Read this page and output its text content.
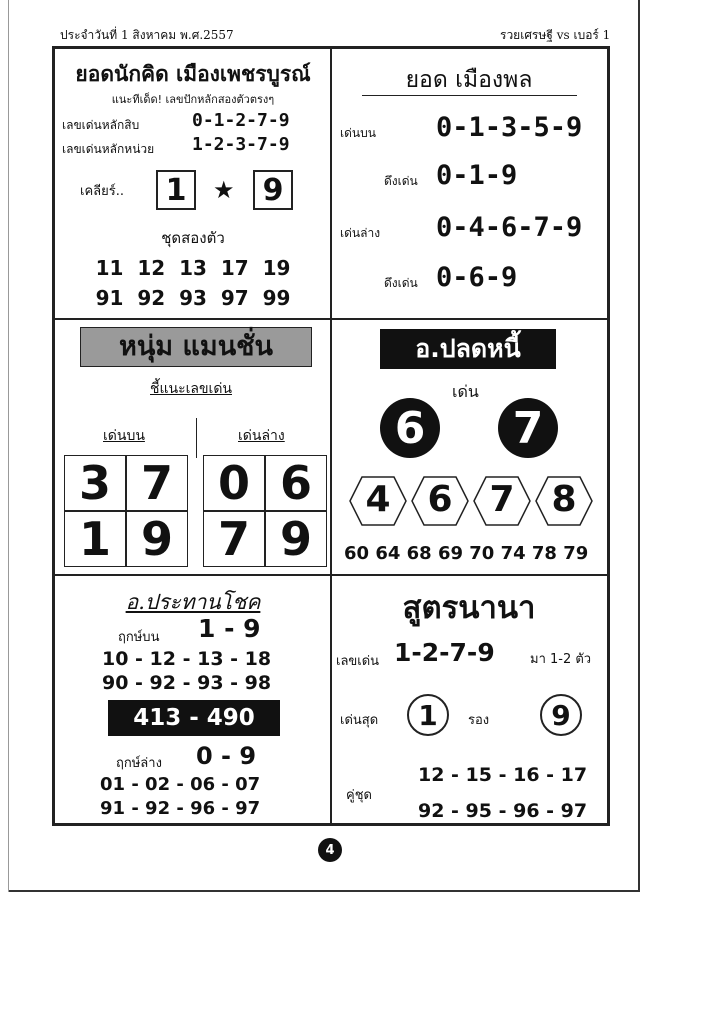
ประจำวันที่ 1 สิงหาคม พ.ศ.2557	รวยเศรษฐี vs เบอร์ 1
ยอดนักคิด เมืองเพชรบูรณ์
แนะทีเด็ด! เลขปักหลักสองตัวตรงๆ
เลขเด่นหลักสิบ	0-1-2-7-9
เลขเด่นหลักหน่วย 1-2-3-7-9
เคลียร์..	1	★ 9
ชุดสองตัว
11  12  13  17  19
91  92  93  97  99
ยอด เมืองพล
เด่นบน 0-1-3-5-9
ดึงเด่น 0-1-9
เด่นล่าง 0-4-6-7-9
ดึงเด่น 0-6-9
หนุ่ม แมนชั่น
ชี้แนะเลขเด่น
เด่นบน	เด่นล่าง
3 7 0 6
1 9 7 9
อ.ปลดหนี้
เด่น
6	7
4	6	7	8
60 64 68 69 70 74 78 79
อ.ประทานโชค
ฤกษ์บน 1 - 9
10 - 12 - 13 - 18
90 - 92 - 93 - 98
413 - 490
ฤกษ์ล่าง 0 - 9
01 - 02 - 06 - 07
91 - 92 - 96 - 97
สูตรนานา
เลขเด่น 1-2-7-9	มา 1-2 ตัว
เด่นสุด	1	รอง	9
12 - 15 - 16 - 17
คู่ชุด
92 - 95 - 96 - 97
4
